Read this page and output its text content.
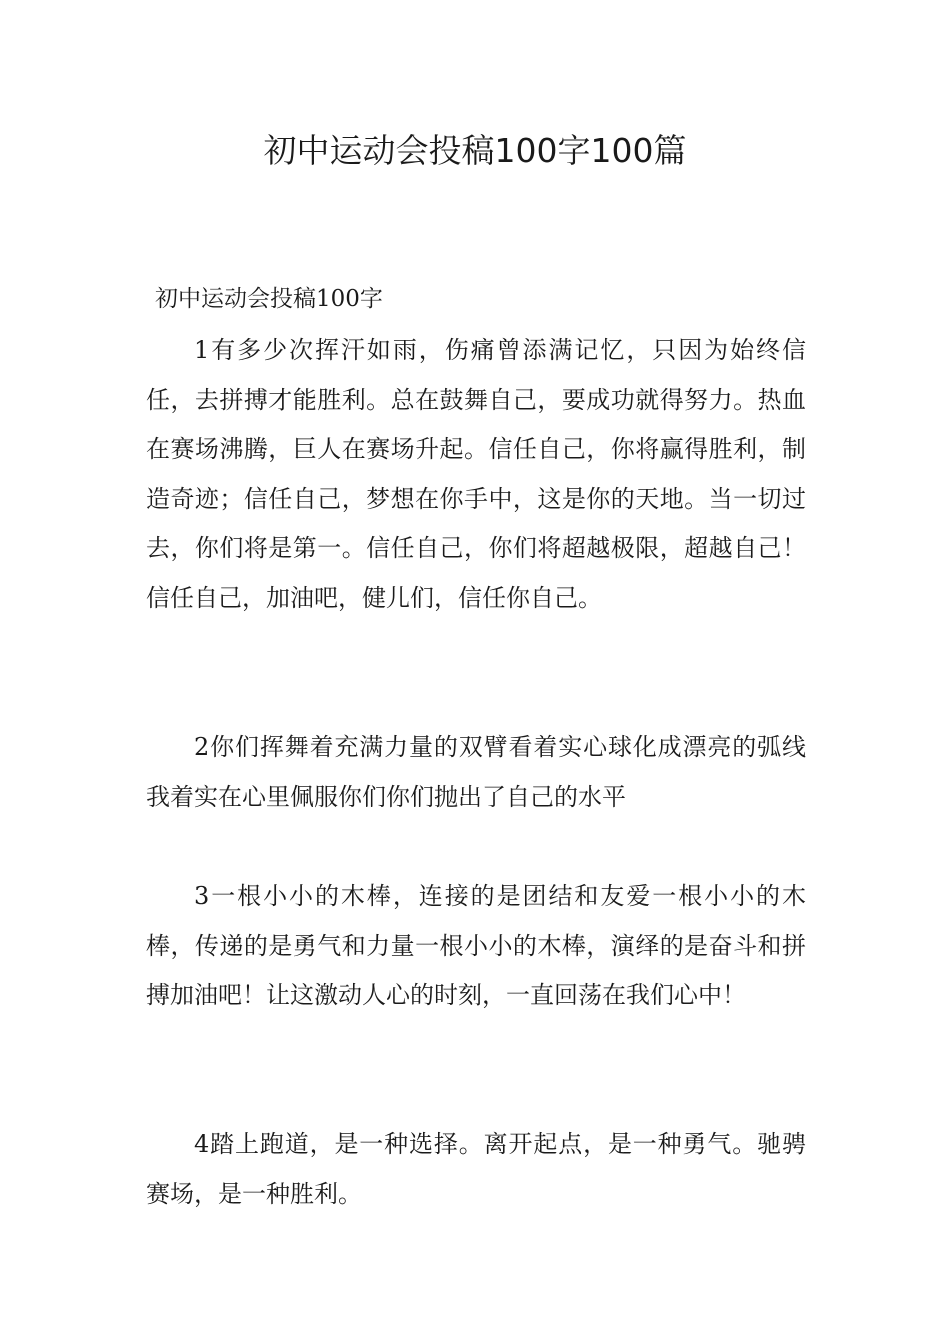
初中运动会投稿100字100篇

初中运动会投稿100字

1有多少次挥汗如雨，伤痛曾添满记忆，只因为始终信任，去拼搏才能胜利。总在鼓舞自己，要成功就得努力。热血在赛场沸腾，巨人在赛场升起。信任自己，你将赢得胜利，制造奇迹；信任自己，梦想在你手中，这是你的天地。当一切过去，你们将是第一。信任自己，你们将超越极限，超越自己！信任自己，加油吧，健儿们，信任你自己。

2你们挥舞着充满力量的双臂看着实心球化成漂亮的弧线我着实在心里佩服你们你们抛出了自己的水平

3一根小小的木棒，连接的是团结和友爱一根小小的木棒，传递的是勇气和力量一根小小的木棒，演绎的是奋斗和拼搏加油吧！让这激动人心的时刻，一直回荡在我们心中！

4踏上跑道，是一种选择。离开起点，是一种勇气。驰骋赛场，是一种胜利。
